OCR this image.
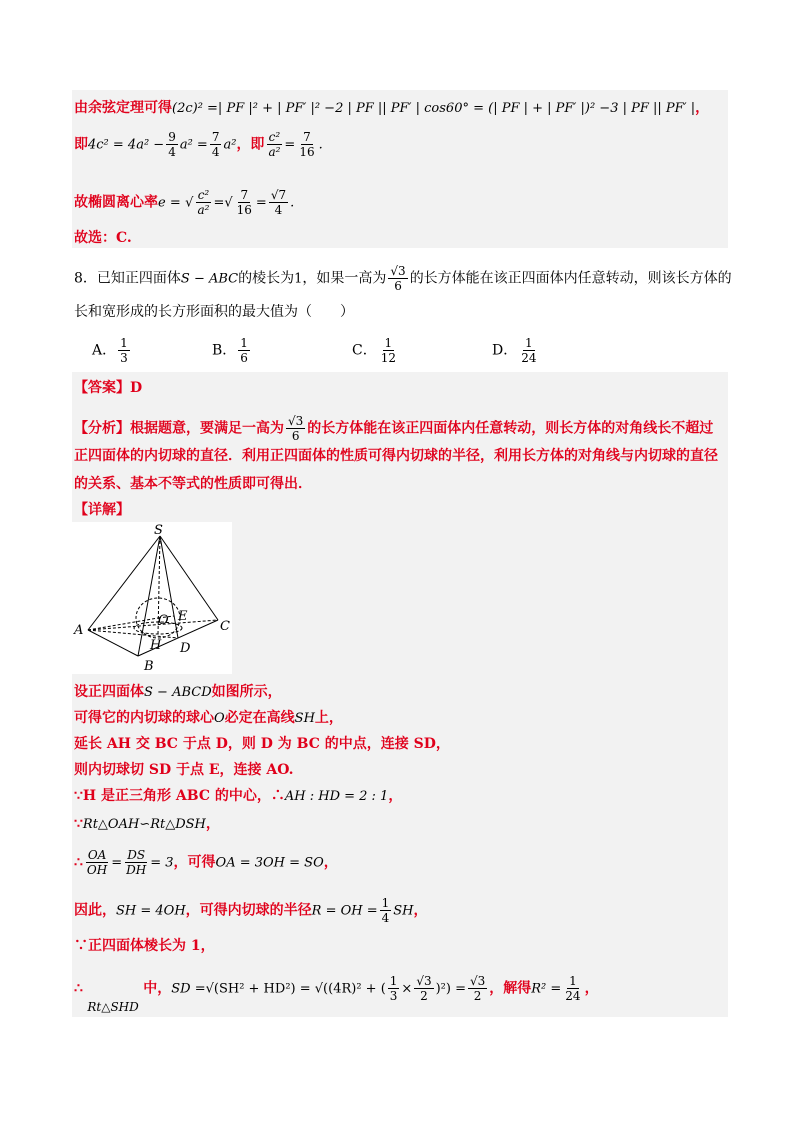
由余弦定理可得(2c)² =| PF |² + | PF′ |² −2 | PF || PF′ | cos60° = (| PF | + | PF′ |)² −3 | PF || PF′ |，
即$4c^2 = 4a^2 - \frac{9}{4} a^2 = \frac{7}{4} a^2$，即 $\frac{\text{c²}}{\text{a²}} = \frac{7}{16}$ .
故椭圆离心率e = √ $\frac{\text{c²}}{\text{a²}}$ =√ $\frac{7}{16} = \frac{√7}{4}$ .
故选：C.
8．已知正四面体S − ABC的棱长为1，如果一高为 $\frac{√3}{6}$ 的长方体能在该正四面体内任意转动，则该长方体的
长和宽形成的长方形面积的最大值为（　　）
A． $\frac{1}{3}$	B． $\frac{1}{6}$	C． $\frac{1}{12}$	D． $\frac{1}{24}$
【答案】D
【分析】根据题意，要满足一高为 $\frac{√3}{6}$ 的长方体能在该正四面体内任意转动，则长方体的对角线长不超过
正四面体的内切球的直径．利用正四面体的性质可得内切球的半径，利用长方体的对角线与内切球的直径
的关系、基本不等式的性质即可得出．
【详解】
S
A
B
C
D
E
O
H
设正四面体S − ABCD如图所示，
可得它的内切球的球心O必定在高线SH上，
延长 AH 交 BC 于点 D，则 D 为 BC 的中点，连接 SD，
则内切球切 SD 于点 E，连接 AO.
∵H 是正三角形 ABC 的中心，∴AH : HD = 2 : 1，
∵Rt△OAH∽Rt△DSH，
∴ $\frac{OA}{OH} = \frac{DS}{DH} = 3$，可得OA = 3OH = SO，
因此，SH = 4OH，可得内切球的半径R = OH = $\frac{1}{4}$ SH，
∵正四面体棱长为 1，
∴ Rt△SHD 中，SD =√(SH² + HD²) = √((4R)² + ( $\frac{1}{3} \times \frac{√3}{2} )^2) = \frac{√3}{2}$ ，解得$R^2 = \frac{1}{24}$ ，
